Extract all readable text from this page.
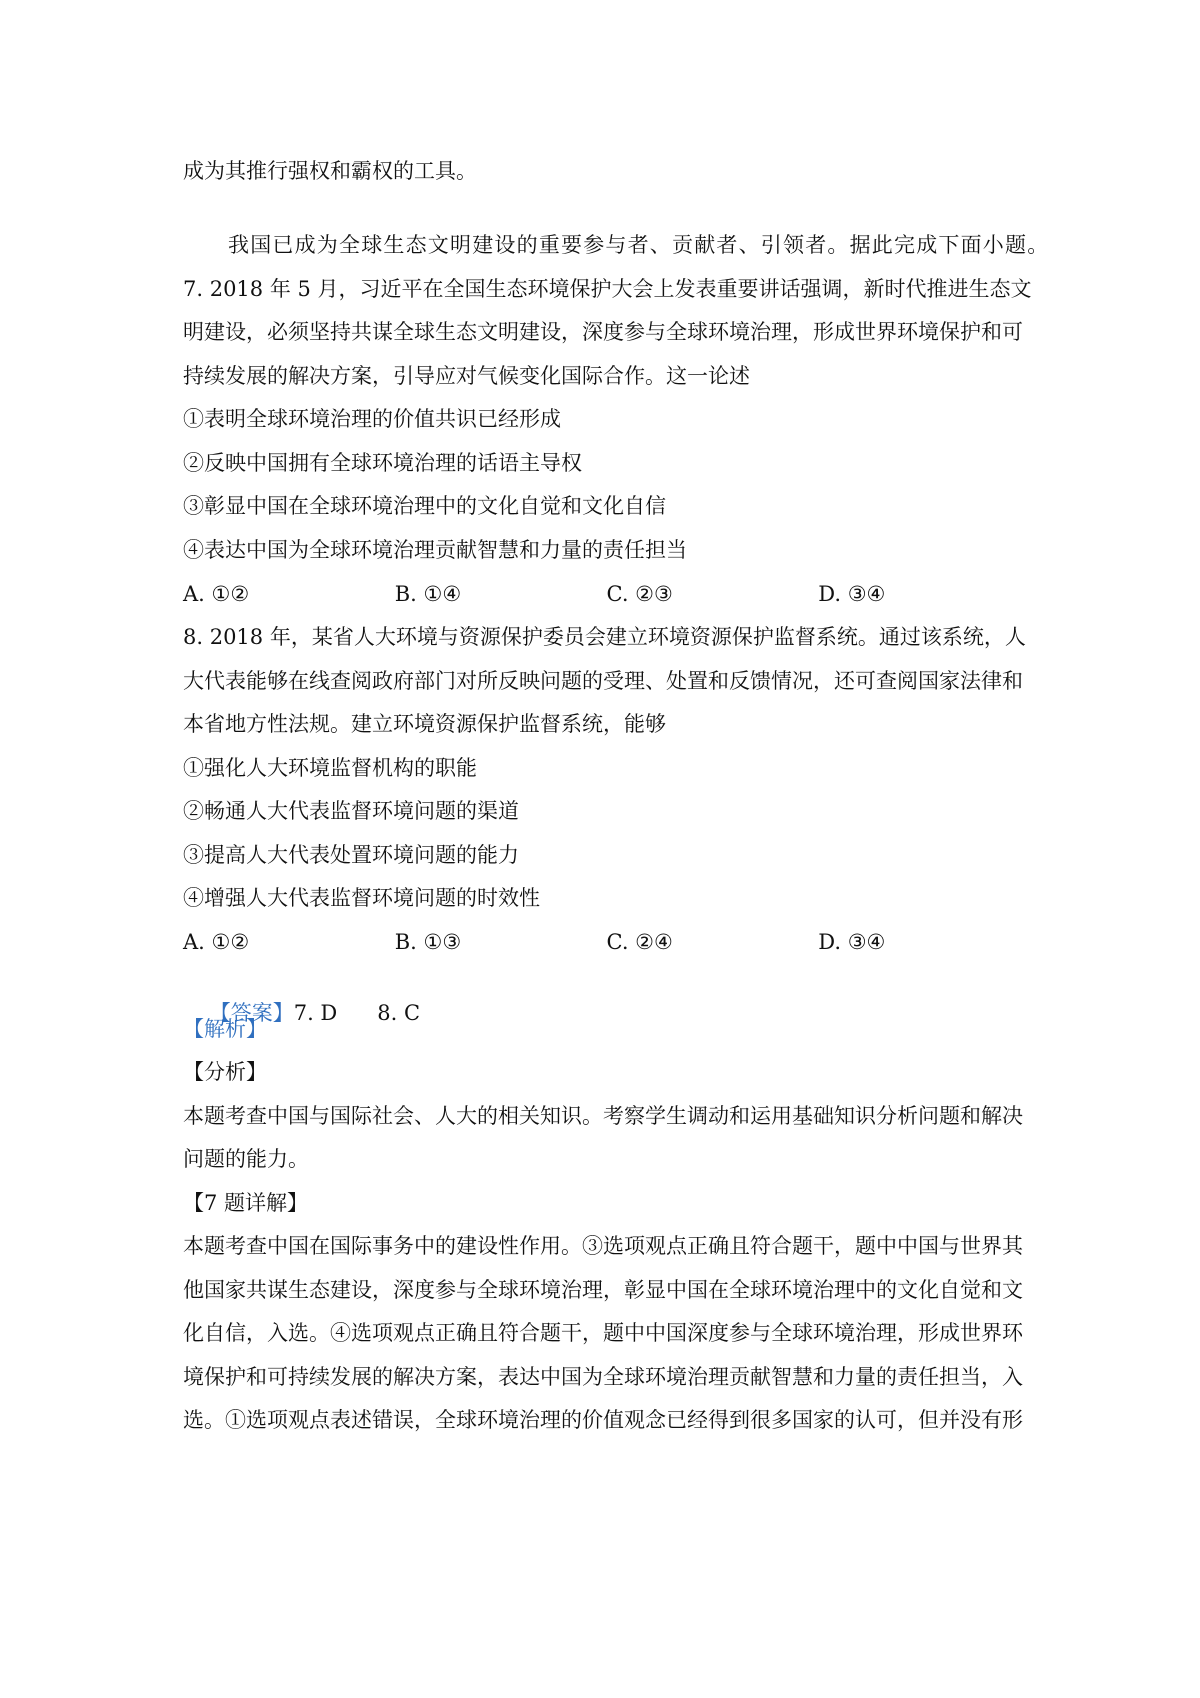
成为其推行强权和霸权的工具。
我国已成为全球生态文明建设的重要参与者、贡献者、引领者。据此完成下面小题。
7. 2018 年 5 月，习近平在全国生态环境保护大会上发表重要讲话强调，新时代推进生态文
明建设，必须坚持共谋全球生态文明建设，深度参与全球环境治理，形成世界环境保护和可
持续发展的解决方案，引导应对气候变化国际合作。这一论述
①表明全球环境治理的价值共识已经形成
②反映中国拥有全球环境治理的话语主导权
③彰显中国在全球环境治理中的文化自觉和文化自信
④表达中国为全球环境治理贡献智慧和力量的责任担当
A. ①②	B. ①④	C. ②③	D. ③④
8. 2018 年，某省人大环境与资源保护委员会建立环境资源保护监督系统。通过该系统，人
大代表能够在线查阅政府部门对所反映问题的受理、处置和反馈情况，还可查阅国家法律和
本省地方性法规。建立环境资源保护监督系统，能够
①强化人大环境监督机构的职能
②畅通人大代表监督环境问题的渠道
③提高人大代表处置环境问题的能力
④增强人大代表监督环境问题的时效性
A. ①②	B. ①③	C. ②④	D. ③④

【答案】7. D      8. C

【解析】
【分析】
本题考查中国与国际社会、人大的相关知识。考察学生调动和运用基础知识分析问题和解决
问题的能力。
【7 题详解】
本题考查中国在国际事务中的建设性作用。③选项观点正确且符合题干，题中中国与世界其
他国家共谋生态建设，深度参与全球环境治理，彰显中国在全球环境治理中的文化自觉和文
化自信，入选。④选项观点正确且符合题干，题中中国深度参与全球环境治理，形成世界环
境保护和可持续发展的解决方案，表达中国为全球环境治理贡献智慧和力量的责任担当，入
选。①选项观点表述错误，全球环境治理的价值观念已经得到很多国家的认可，但并没有形
